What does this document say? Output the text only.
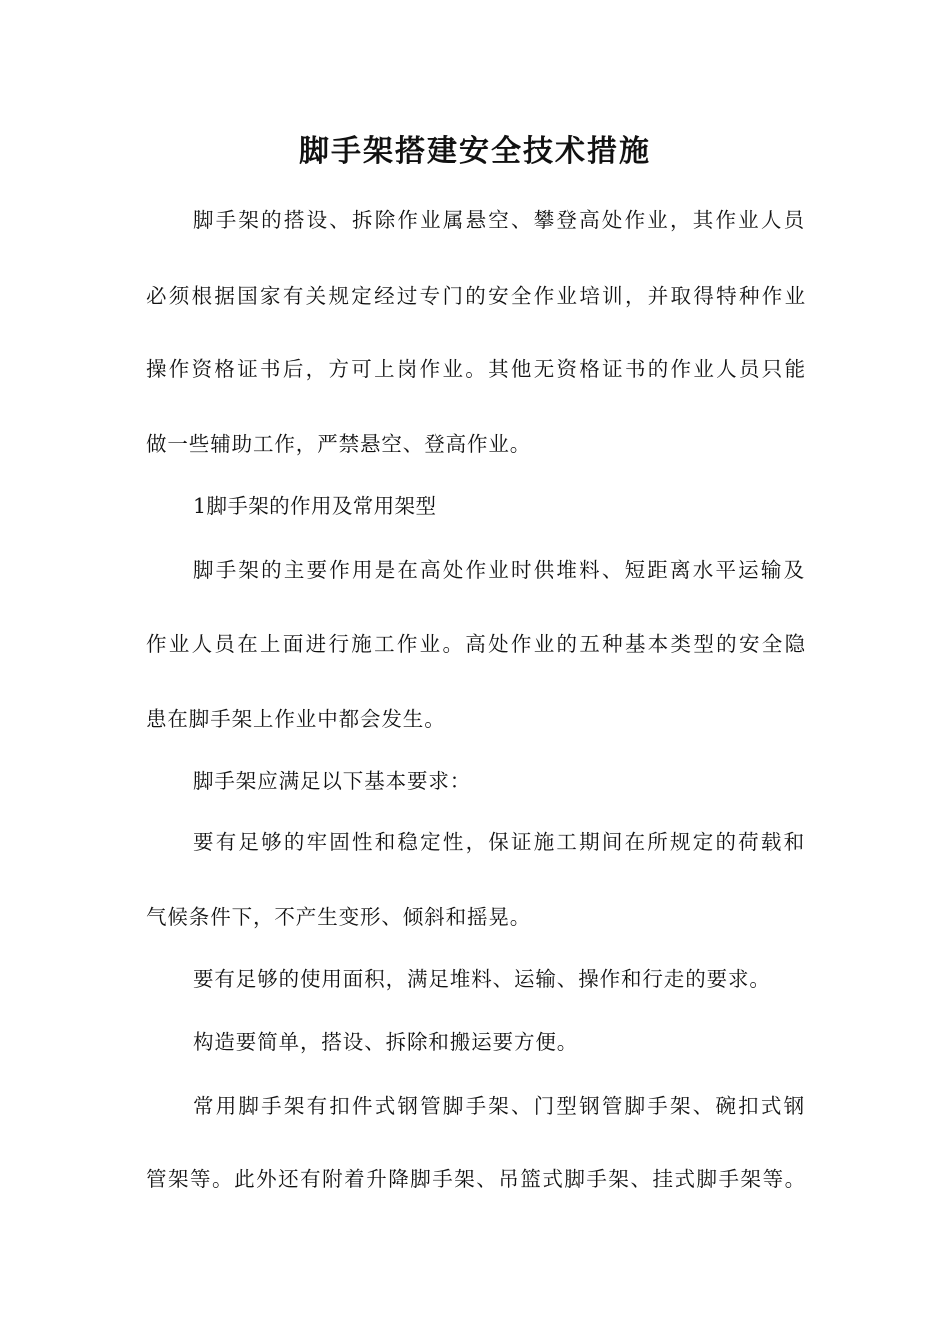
脚手架搭建安全技术措施
脚手架的搭设、拆除作业属悬空、攀登高处作业，其作业人员
必须根据国家有关规定经过专门的安全作业培训，并取得特种作业
操作资格证书后，方可上岗作业。其他无资格证书的作业人员只能
做一些辅助工作，严禁悬空、登高作业。
1脚手架的作用及常用架型
脚手架的主要作用是在高处作业时供堆料、短距离水平运输及
作业人员在上面进行施工作业。高处作业的五种基本类型的安全隐
患在脚手架上作业中都会发生。
脚手架应满足以下基本要求：
要有足够的牢固性和稳定性，保证施工期间在所规定的荷载和
气候条件下，不产生变形、倾斜和摇晃。
要有足够的使用面积，满足堆料、运输、操作和行走的要求。
构造要简单，搭设、拆除和搬运要方便。
常用脚手架有扣件式钢管脚手架、门型钢管脚手架、碗扣式钢
管架等。此外还有附着升降脚手架、吊篮式脚手架、挂式脚手架等。
